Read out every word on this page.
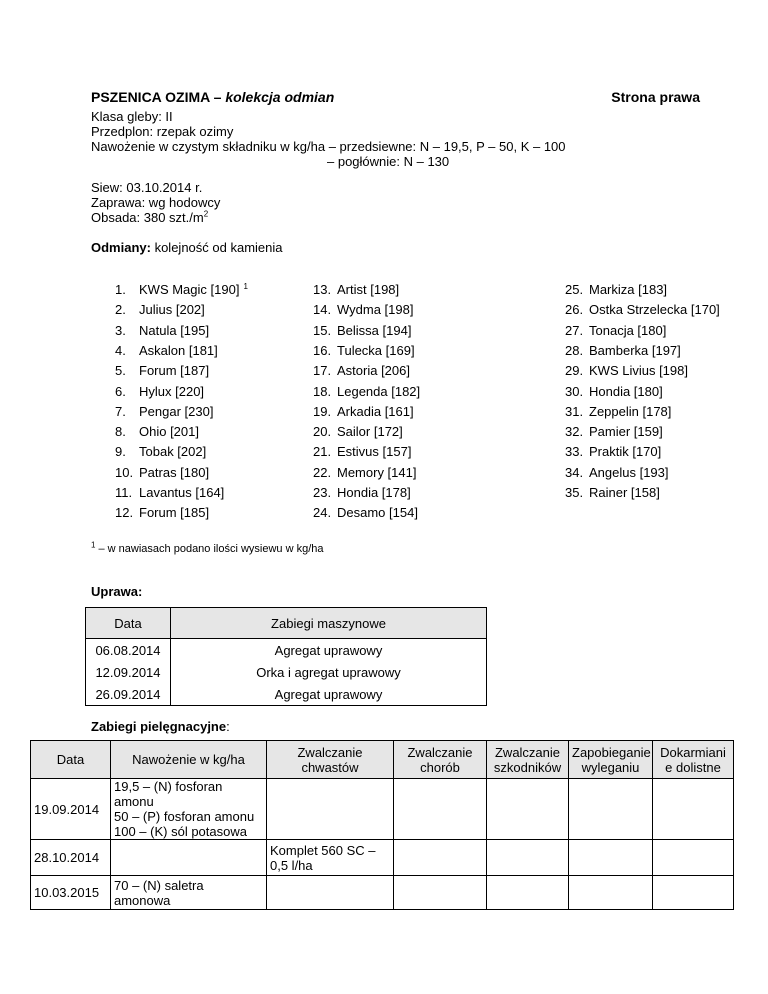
PSZENICA OZIMA – kolekcja odmian	Strona prawa
Klasa gleby: II
Przedplon: rzepak ozimy
Nawożenie w czystym składniku w kg/ha – przedsiewne: N – 19,5, P – 50, K – 100
– pogłównie: N – 130
Siew: 03.10.2014 r.
Zaprawa: wg hodowcy
Obsada: 380 $szt./m^2$
Odmiany: kolejność od kamienia
1. KWS Magic [190] $^1$
2. Julius [202]
3. Natula [195]
4. Askalon [181]
5. Forum [187]
6. Hylux [220]
7. Pengar [230]
8. Ohio [201]
9. Tobak [202]
10. Patras [180]
11. Lavantus [164]
12. Forum [185]
13. Artist [198]
14. Wydma [198]
15. Belissa [194]
16. Tulecka [169]
17. Astoria [206]
18. Legenda [182]
19. Arkadia [161]
20. Sailor [172]
21. Estivus [157]
22. Memory [141]
23. Hondia [178]
24. Desamo [154]
25. Markiza [183]
26. Ostka Strzelecka [170]
27. Tonacja [180]
28. Bamberka [197]
29. KWS Livius [198]
30. Hondia [180]
31. Zeppelin [178]
32. Pamier [159]
33. Praktik [170]
34. Angelus [193]
35. Rainer [158]
$^1$ – w nawiasach podano ilości wysiewu w kg/ha
Uprawa:
Data	Zabiegi maszynowe
06.08.2014	Agregat uprawowy
12.09.2014	Orka i agregat uprawowy
26.09.2014	Agregat uprawowy
Zabiegi pielęgnacyjne:
Data	Nawożenie w kg/ha	Zwalczanie chwastów	Zwalczanie chorób	Zwalczanie szkodników	Zapobieganie wyleganiu	Dokarmiani e dolistne
19.09.2014	19,5 – (N) fosforan amonu
50 – (P) fosforan amonu
100 – (K) sól potasowa					

28.10.2014		Komplet 560 SC – 0,5 l/ha				
10.03.2015	70 – (N) saletra amonowa					
